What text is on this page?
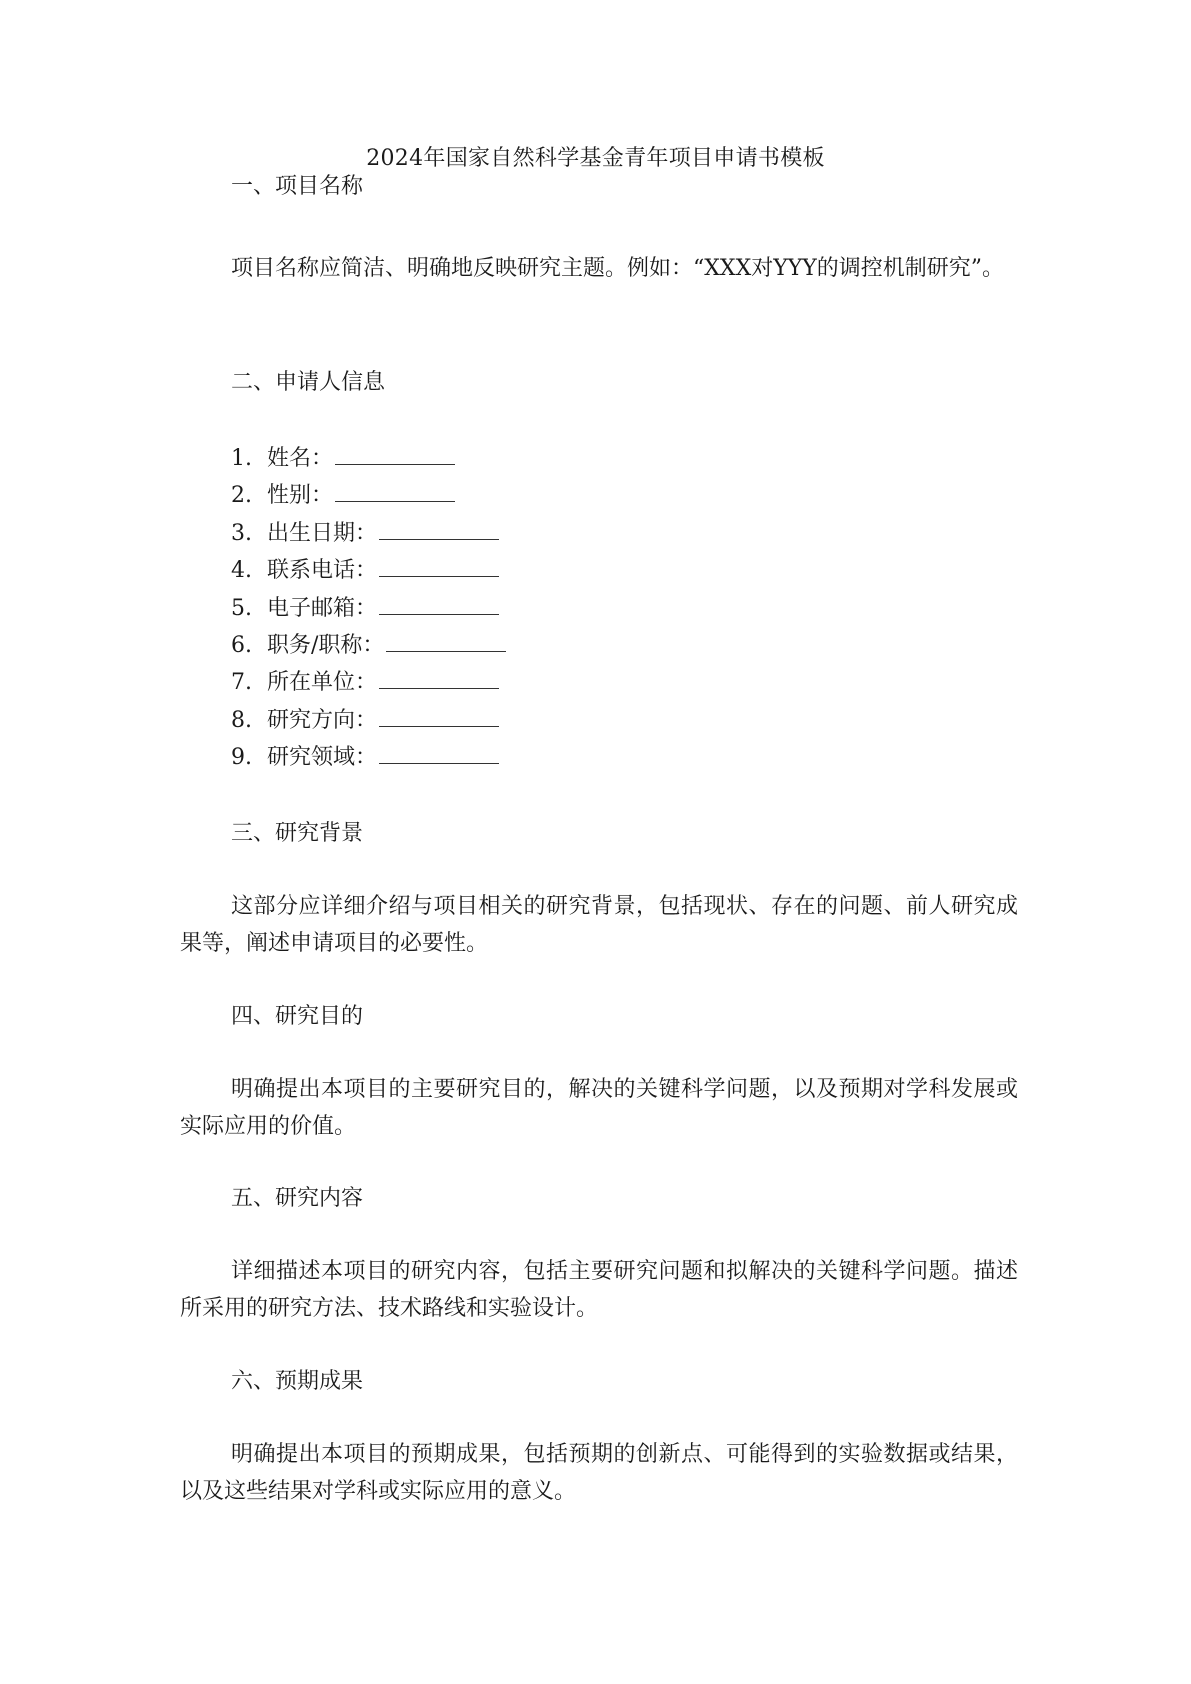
2024年国家自然科学基金青年项目申请书模板
一、项目名称
项目名称应简洁、明确地反映研究主题。例如：“XXX对YYY的调控机制研究”。
二、申请人信息
1. 姓名：
2. 性别：
3. 出生日期：
4. 联系电话：
5. 电子邮箱：
6. 职务/职称：
7. 所在单位：
8. 研究方向：
9. 研究领域：
三、研究背景
这部分应详细介绍与项目相关的研究背景，包括现状、存在的问题、前人研究成果等，阐述申请项目的必要性。
四、研究目的
明确提出本项目的主要研究目的，解决的关键科学问题，以及预期对学科发展或实际应用的价值。
五、研究内容
详细描述本项目的研究内容，包括主要研究问题和拟解决的关键科学问题。描述所采用的研究方法、技术路线和实验设计。
六、预期成果
明确提出本项目的预期成果，包括预期的创新点、可能得到的实验数据或结果，以及这些结果对学科或实际应用的意义。
